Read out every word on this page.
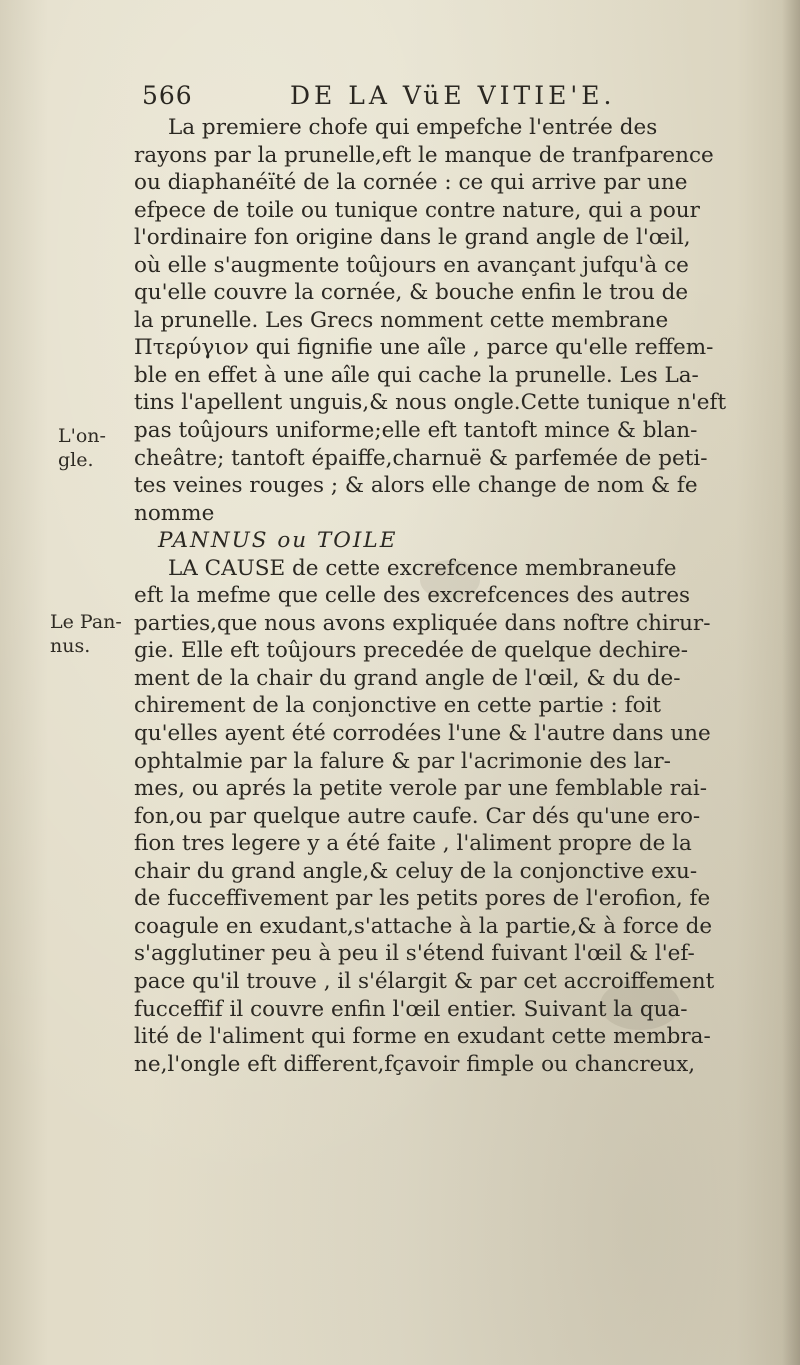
566	DE LA VüE VITIE'E.
L'on-
gle.
Le Pan-
nus.
La premiere chofe qui empefche l'entrée des
rayons par la prunelle,eft le manque de tranfparence
ou diaphanéïté de la cornée : ce qui arrive par une
efpece de toile ou tunique contre nature, qui a pour
l'ordinaire fon origine dans le grand angle de l'œil,
où elle s'augmente toûjours en avançant jufqu'à ce
qu'elle couvre la cornée, & bouche enfin le trou de
la prunelle. Les Grecs nomment cette membrane
Πτερύγιον qui fignifie une aîle , parce qu'elle reffem-
ble en effet à une aîle qui cache la prunelle. Les La-
tins l'apellent unguis,& nous ongle.Cette tunique n'eft
pas toûjours uniforme;elle eft tantoft mince & blan-
cheâtre; tantoft épaiffe,charnuë & parfemée de peti-
tes veines rouges ; & alors elle change de nom & fe
nomme
PANNUS ou TOILE
LA CAUSE de cette excrefcence membraneufe
eft la mefme que celle des excrefcences des autres
parties,que nous avons expliquée dans noftre chirur-
gie. Elle eft toûjours precedée de quelque dechire-
ment de la chair du grand angle de l'œil, & du de-
chirement de la conjonctive en cette partie : foit
qu'elles ayent été corrodées l'une & l'autre dans une
ophtalmie par la falure & par l'acrimonie des lar-
mes, ou aprés la petite verole par une femblable rai-
fon,ou par quelque autre caufe. Car dés qu'une ero-
fion tres legere y a été faite , l'aliment propre de la
chair du grand angle,& celuy de la conjonctive exu-
de fucceffivement par les petits pores de l'erofion, fe
coagule en exudant,s'attache à la partie,& à force de
s'agglutiner peu à peu il s'étend fuivant l'œil & l'ef-
pace qu'il trouve , il s'élargit & par cet accroiffement
fucceffif il couvre enfin l'œil entier. Suivant la qua-
lité de l'aliment qui forme en exudant cette membra-
ne,l'ongle eft different,fçavoir fimple ou chancreux,
